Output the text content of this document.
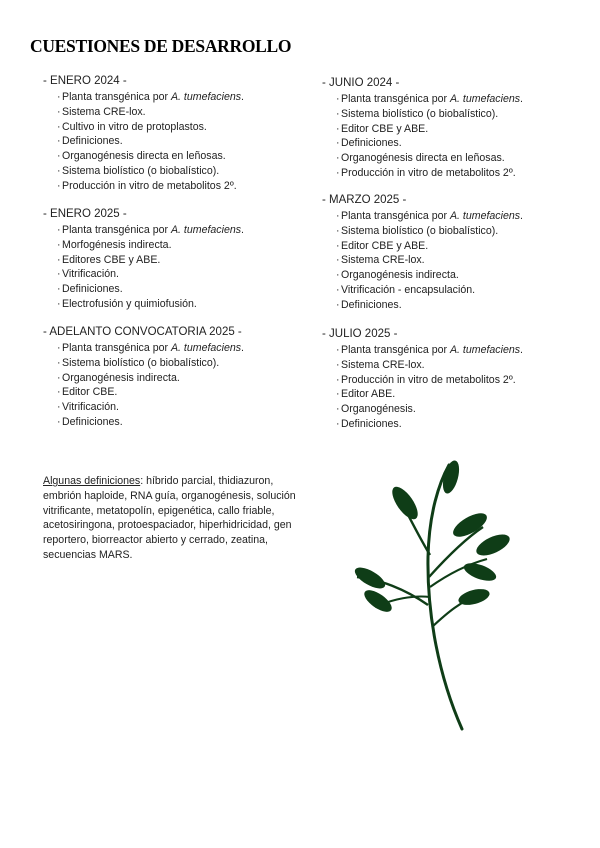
CUESTIONES DE DESARROLLO
- ENERO 2024 -
·Planta transgénica por A. tumefaciens.
·Sistema CRE-lox.
·Cultivo in vitro de protoplastos.
·Definiciones.
·Organogénesis directa en leñosas.
·Sistema biolístico (o biobalístico).
·Producción in vitro de metabolitos 2º.
- ENERO 2025 -
·Planta transgénica por A. tumefaciens.
·Morfogénesis indirecta.
·Editores CBE y ABE.
·Vitrificación.
·Definiciones.
·Electrofusión y quimiofusión.
- ADELANTO CONVOCATORIA 2025 -
·Planta transgénica por A. tumefaciens.
·Sistema biolístico (o biobalístico).
·Organogénesis indirecta.
·Editor CBE.
·Vitrificación.
·Definiciones.
- JUNIO 2024 -
·Planta transgénica por A. tumefaciens.
·Sistema biolístico (o biobalístico).
·Editor CBE y ABE.
·Definiciones.
·Organogénesis directa en leñosas.
·Producción in vitro de metabolitos 2º.
- MARZO 2025 -
·Planta transgénica por A. tumefaciens.
·Sistema biolístico (o biobalístico).
·Editor CBE y ABE.
·Sistema CRE-lox.
·Organogénesis indirecta.
·Vitrificación - encapsulación.
·Definiciones.
- JULIO 2025 -
·Planta transgénica por A. tumefaciens.
·Sistema CRE-lox.
·Producción in vitro de metabolitos 2º.
·Editor ABE.
·Organogénesis.
·Definiciones.
Algunas definiciones: híbrido parcial, thidiazuron, embrión haploide, RNA guía, organogénesis, solución vitrificante, metatopolín, epigenética, callo friable, acetosiringona, protoespaciador, hiperhidricidad, gen reportero, biorreactor abierto y cerrado, zeatina, secuencias MARS.
